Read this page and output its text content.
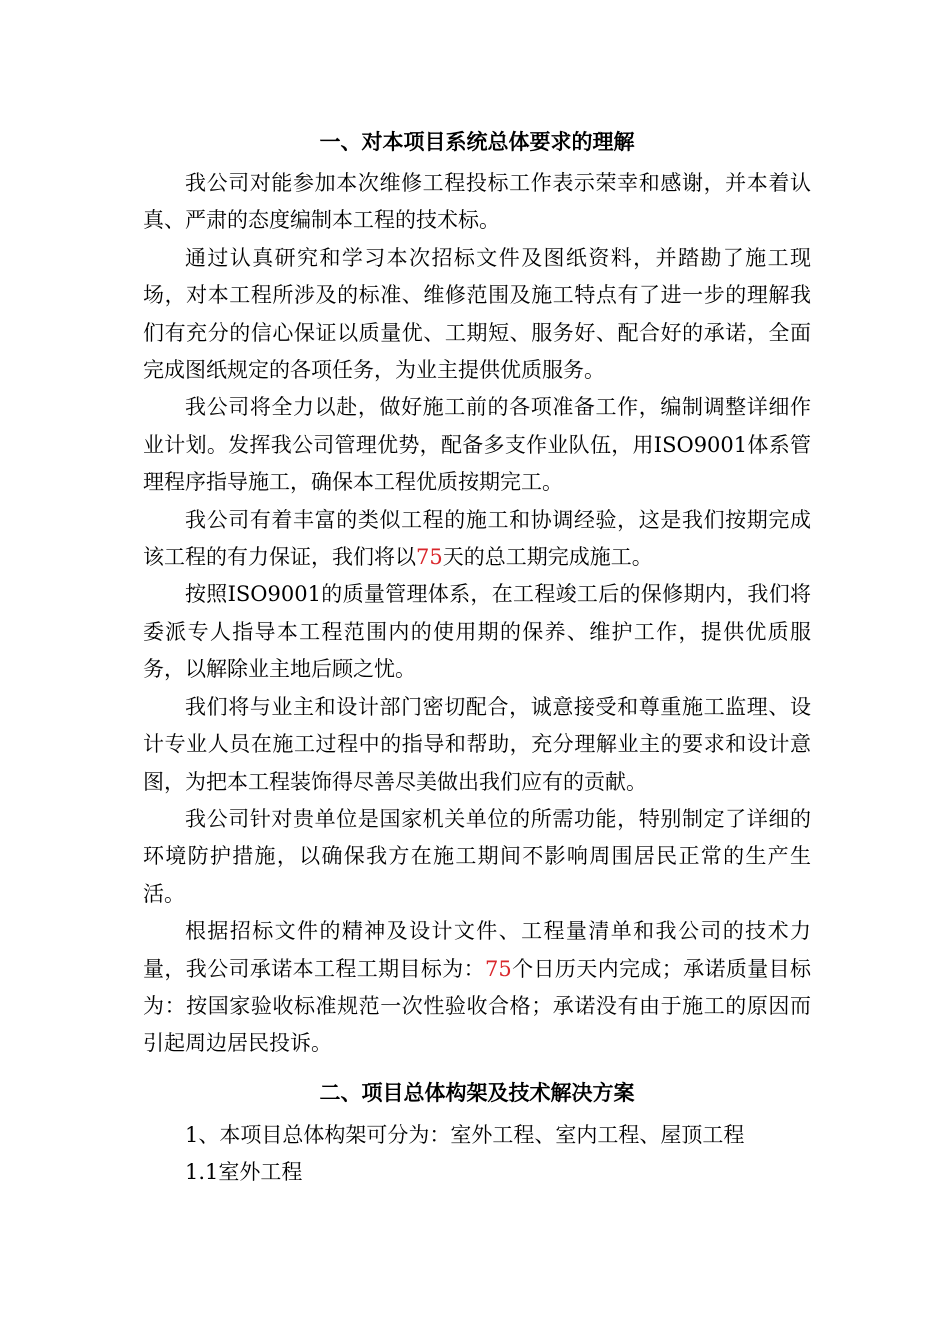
一、对本项目系统总体要求的理解

我公司对能参加本次维修工程投标工作表示荣幸和感谢，并本着认真、严肃的态度编制本工程的技术标。

通过认真研究和学习本次招标文件及图纸资料，并踏勘了施工现场，对本工程所涉及的标准、维修范围及施工特点有了进一步的理解我们有充分的信心保证以质量优、工期短、服务好、配合好的承诺，全面完成图纸规定的各项任务，为业主提供优质服务。

我公司将全力以赴，做好施工前的各项准备工作，编制调整详细作业计划。发挥我公司管理优势，配备多支作业队伍，用ISO9001体系管理程序指导施工，确保本工程优质按期完工。

我公司有着丰富的类似工程的施工和协调经验，这是我们按期完成该工程的有力保证，我们将以75天的总工期完成施工。

按照ISO9001的质量管理体系，在工程竣工后的保修期内，我们将委派专人指导本工程范围内的使用期的保养、维护工作，提供优质服务，以解除业主地后顾之忧。

我们将与业主和设计部门密切配合，诚意接受和尊重施工监理、设计专业人员在施工过程中的指导和帮助，充分理解业主的要求和设计意图，为把本工程装饰得尽善尽美做出我们应有的贡献。

我公司针对贵单位是国家机关单位的所需功能，特别制定了详细的环境防护措施，以确保我方在施工期间不影响周围居民正常的生产生活。

根据招标文件的精神及设计文件、工程量清单和我公司的技术力量，我公司承诺本工程工期目标为：75个日历天内完成；承诺质量目标为：按国家验收标准规范一次性验收合格；承诺没有由于施工的原因而引起周边居民投诉。

二、项目总体构架及技术解决方案

1、本项目总体构架可分为：室外工程、室内工程、屋顶工程

1.1室外工程
